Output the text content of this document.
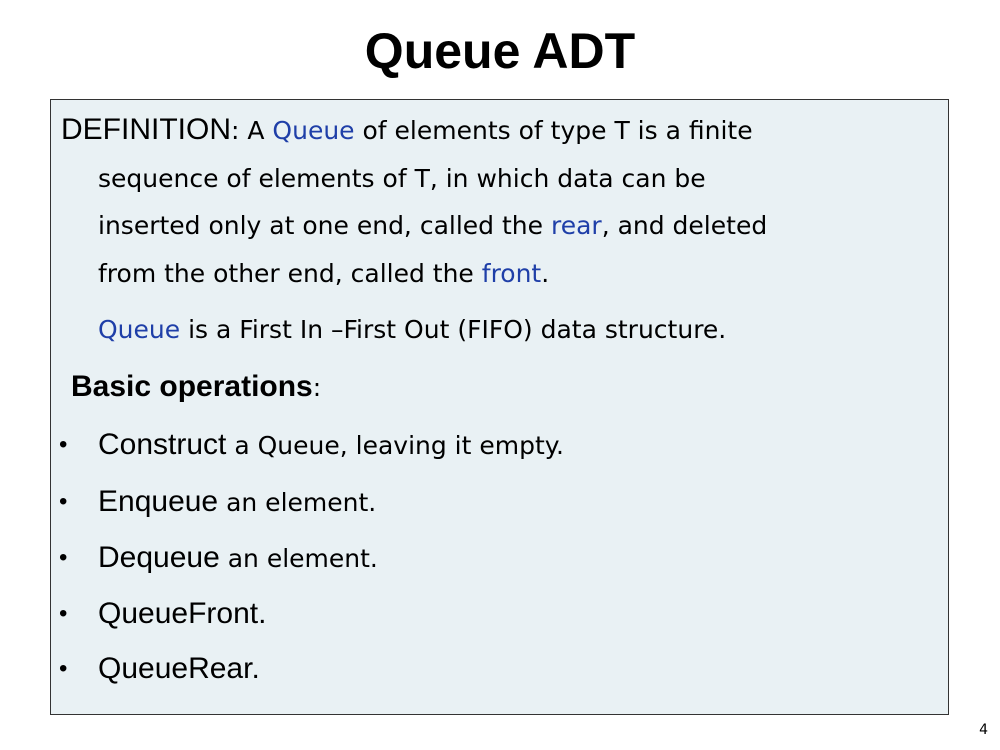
Queue ADT
DEFINITION: A Queue of elements of type T is a finite
sequence of elements of T, in which data can be
inserted only at one end, called the rear, and deleted
from the other end, called the front.
Queue is a First In –First Out (FIFO) data structure.
Basic operations:
• Construct a Queue, leaving it empty.
• Enqueue an element.
• Dequeue an element.
• QueueFront.
• QueueRear.
4
